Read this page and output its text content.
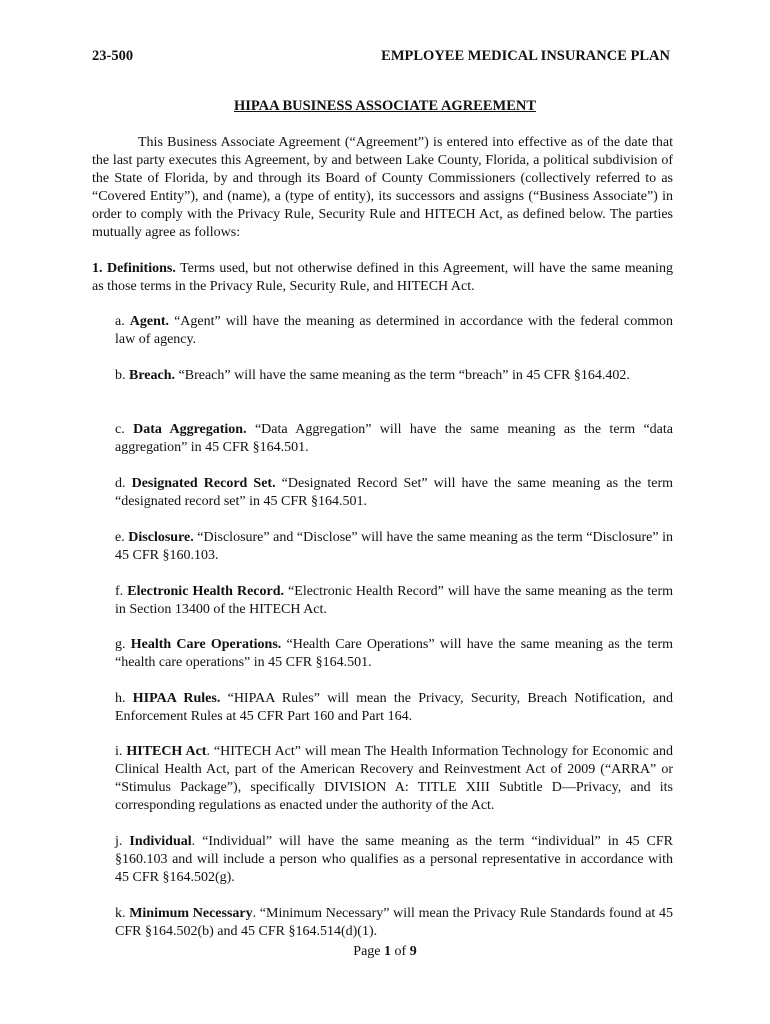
23-500	EMPLOYEE MEDICAL INSURANCE PLAN
HIPAA BUSINESS ASSOCIATE AGREEMENT

This Business Associate Agreement (“Agreement”) is entered into effective as of the date that the last party executes this Agreement, by and between Lake County, Florida, a political subdivision of the State of Florida, by and through its Board of County Commissioners (collectively referred to as “Covered Entity”), and (name), a (type of entity), its successors and assigns (“Business Associate”) in order to comply with the Privacy Rule, Security Rule and HITECH Act, as defined below. The parties mutually agree as follows:

1. Definitions. Terms used, but not otherwise defined in this Agreement, will have the same meaning as those terms in the Privacy Rule, Security Rule, and HITECH Act.

a. Agent. “Agent” will have the meaning as determined in accordance with the federal common law of agency.

b. Breach. “Breach” will have the same meaning as the term “breach” in 45 CFR §164.402.

c. Data Aggregation. “Data Aggregation” will have the same meaning as the term “data aggregation” in 45 CFR §164.501.

d. Designated Record Set. “Designated Record Set” will have the same meaning as the term “designated record set” in 45 CFR §164.501.

e. Disclosure. “Disclosure” and “Disclose” will have the same meaning as the term “Disclosure” in 45 CFR §160.103.

f. Electronic Health Record. “Electronic Health Record” will have the same meaning as the term in Section 13400 of the HITECH Act.

g. Health Care Operations. “Health Care Operations” will have the same meaning as the term “health care operations” in 45 CFR §164.501.

h. HIPAA Rules. “HIPAA Rules” will mean the Privacy, Security, Breach Notification, and Enforcement Rules at 45 CFR Part 160 and Part 164.

i. HITECH Act. “HITECH Act” will mean The Health Information Technology for Economic and Clinical Health Act, part of the American Recovery and Reinvestment Act of 2009 (“ARRA” or “Stimulus Package”), specifically DIVISION A: TITLE XIII Subtitle D—Privacy, and its corresponding regulations as enacted under the authority of the Act.

j. Individual. “Individual” will have the same meaning as the term “individual” in 45 CFR §160.103 and will include a person who qualifies as a personal representative in accordance with 45 CFR §164.502(g).

k. Minimum Necessary. “Minimum Necessary” will mean the Privacy Rule Standards found at 45 CFR §164.502(b) and 45 CFR §164.514(d)(1).

Page 1 of 9
